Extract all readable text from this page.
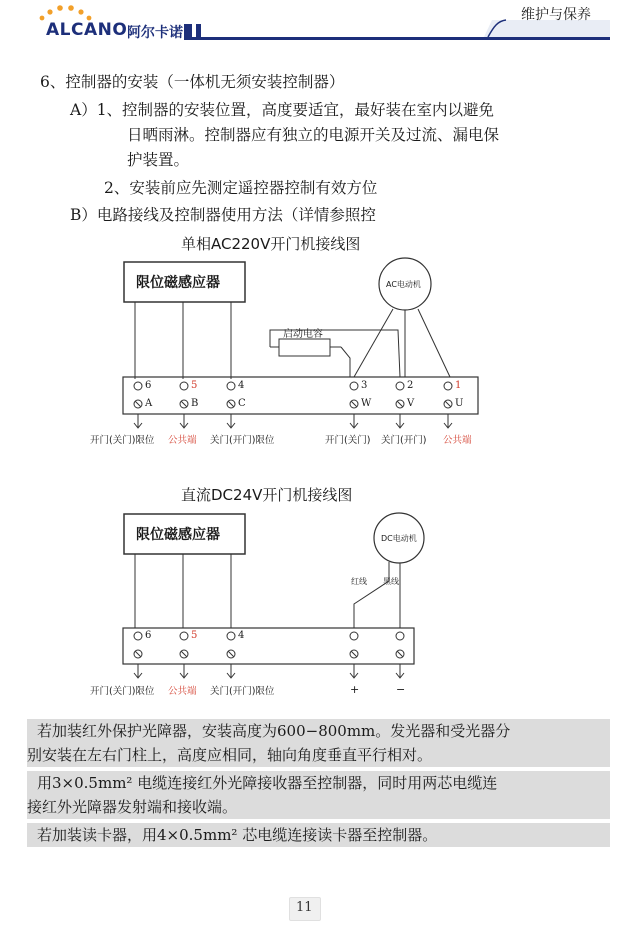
ALCANO 阿尔卡诺
维护与保养
6、控制器的安装（一体机无须安装控制器）
A）1、控制器的安装位置，高度要适宜，最好装在室内以避免
日晒雨淋。控制器应有独立的电源开关及过流、漏电保
护装置。
2、安装前应先测定遥控器控制有效方位
B）电路接线及控制器使用方法（详情参照控
单相AC220V开门机接线图
限位磁感应器	AC电动机
启动电容
6	5	4	3	2	1
A	B	C	W	V	U
开门(关门)限位 公共端 关门(开门)限位	开门(关门) 关门(开门) 公共端
直流DC24V开门机接线图
限位磁感应器	DC电动机
红线 黑线
6	5	4
开门(关门)限位 公共端 关门(开门)限位	+	−
若加装红外保护光障器，安装高度为600−800mm。发光器和受光器分
别安装在左右门柱上，高度应相同，轴向角度垂直平行相对。
用3×0.5mm² 电缆连接红外光障接收器至控制器，同时用两芯电缆连
接红外光障器发射端和接收端。
若加装读卡器，用4×0.5mm² 芯电缆连接读卡器至控制器。
11
